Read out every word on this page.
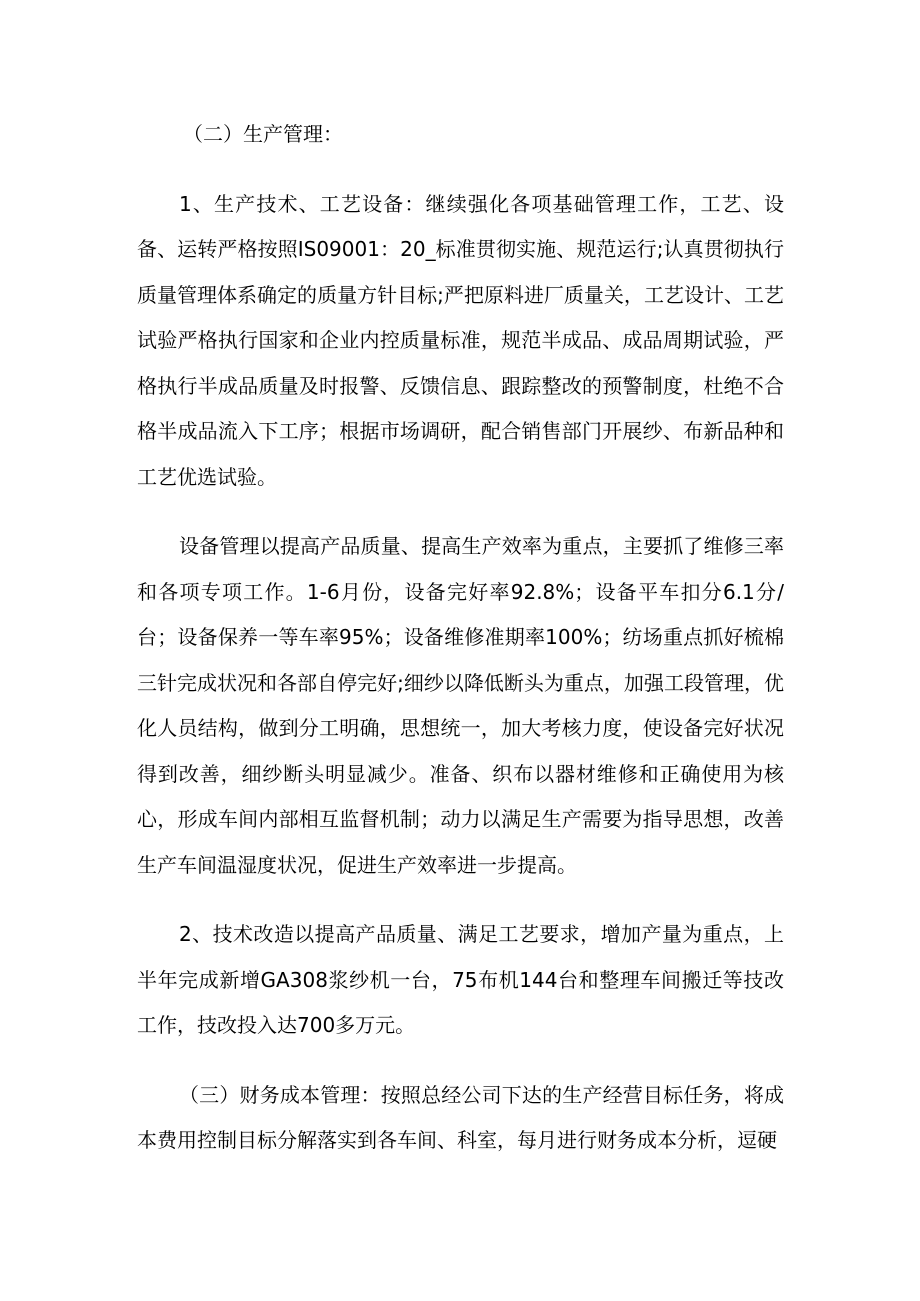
（二）生产管理：

1、生产技术、工艺设备：继续强化各项基础管理工作，工艺、设备、运转严格按照IS09001：20_标准贯彻实施、规范运行;认真贯彻执行质量管理体系确定的质量方针目标;严把原料进厂质量关，工艺设计、工艺试验严格执行国家和企业内控质量标准，规范半成品、成品周期试验，严格执行半成品质量及时报警、反馈信息、跟踪整改的预警制度，杜绝不合格半成品流入下工序；根据市场调研，配合销售部门开展纱、布新品种和工艺优选试验。

设备管理以提高产品质量、提高生产效率为重点，主要抓了维修三率和各项专项工作。1-6月份，设备完好率92.8%；设备平车扣分6.1分/台；设备保养一等车率95%；设备维修准期率100%；纺场重点抓好梳棉三针完成状况和各部自停完好;细纱以降低断头为重点，加强工段管理，优化人员结构，做到分工明确，思想统一，加大考核力度，使设备完好状况得到改善，细纱断头明显减少。准备、织布以器材维修和正确使用为核心，形成车间内部相互监督机制；动力以满足生产需要为指导思想，改善生产车间温湿度状况，促进生产效率进一步提高。

2、技术改造以提高产品质量、满足工艺要求，增加产量为重点，上半年完成新增GA308浆纱机一台，75布机144台和整理车间搬迁等技改工作，技改投入达700多万元。

（三）财务成本管理：按照总经公司下达的生产经营目标任务，将成本费用控制目标分解落实到各车间、科室，每月进行财务成本分析，逗硬
